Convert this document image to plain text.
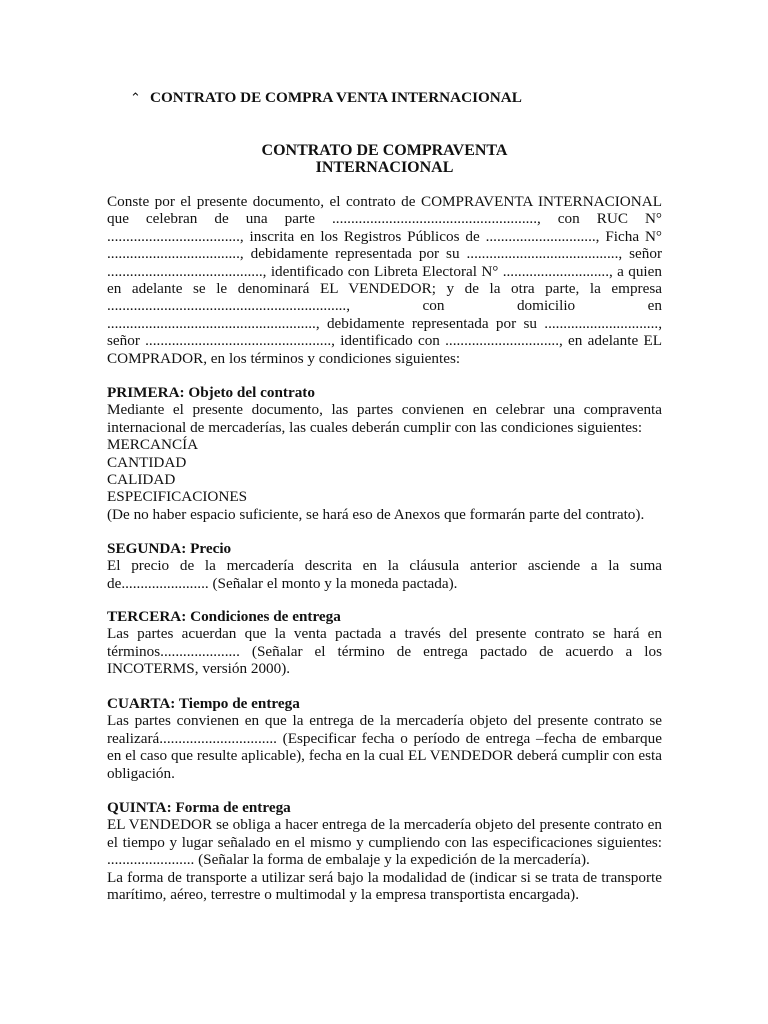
⌃ CONTRATO DE COMPRA VENTA INTERNACIONAL
CONTRATO DE COMPRAVENTA
INTERNACIONAL

Conste por el presente documento, el contrato de COMPRAVENTA INTERNACIONAL que celebran de una parte ......................................................, con RUC N° ..................................., inscrita en los Registros Públicos de ............................., Ficha N° ..................................., debidamente representada por su ........................................, señor ........................................., identificado con Libreta Electoral N° ............................, a quien en adelante se le denominará EL VENDEDOR; y de la otra parte, la empresa ..............................................................., con domicilio en ......................................................., debidamente representada por su .............................., señor ................................................., identificado con .............................., en adelante EL COMPRADOR, en los términos y condiciones siguientes:

PRIMERA: Objeto del contrato

Mediante el presente documento, las partes convienen en celebrar una compraventa internacional de mercaderías, las cuales deberán cumplir con las condiciones siguientes:

MERCANCÍA
CANTIDAD
CALIDAD
ESPECIFICACIONES

(De no haber espacio suficiente, se hará eso de Anexos que formarán parte del contrato).

SEGUNDA: Precio

El precio de la mercadería descrita en la cláusula anterior asciende a la suma de....................... (Señalar el monto y la moneda pactada).

TERCERA: Condiciones de entrega

Las partes acuerdan que la venta pactada a través del presente contrato se hará en términos..................... (Señalar el término de entrega pactado de acuerdo a los INCOTERMS, versión 2000).

CUARTA: Tiempo de entrega

Las partes convienen en que la entrega de la mercadería objeto del presente contrato se realizará............................... (Especificar fecha o período de entrega –fecha de embarque en el caso que resulte aplicable), fecha en la cual EL VENDEDOR deberá cumplir con esta obligación.

QUINTA: Forma de entrega

EL VENDEDOR se obliga a hacer entrega de la mercadería objeto del presente contrato en el tiempo y lugar señalado en el mismo y cumpliendo con las especificaciones siguientes: ....................... (Señalar la forma de embalaje y la expedición de la mercadería).

La forma de transporte a utilizar será bajo la modalidad de (indicar si se trata de transporte marítimo, aéreo, terrestre o multimodal y la empresa transportista encargada).
